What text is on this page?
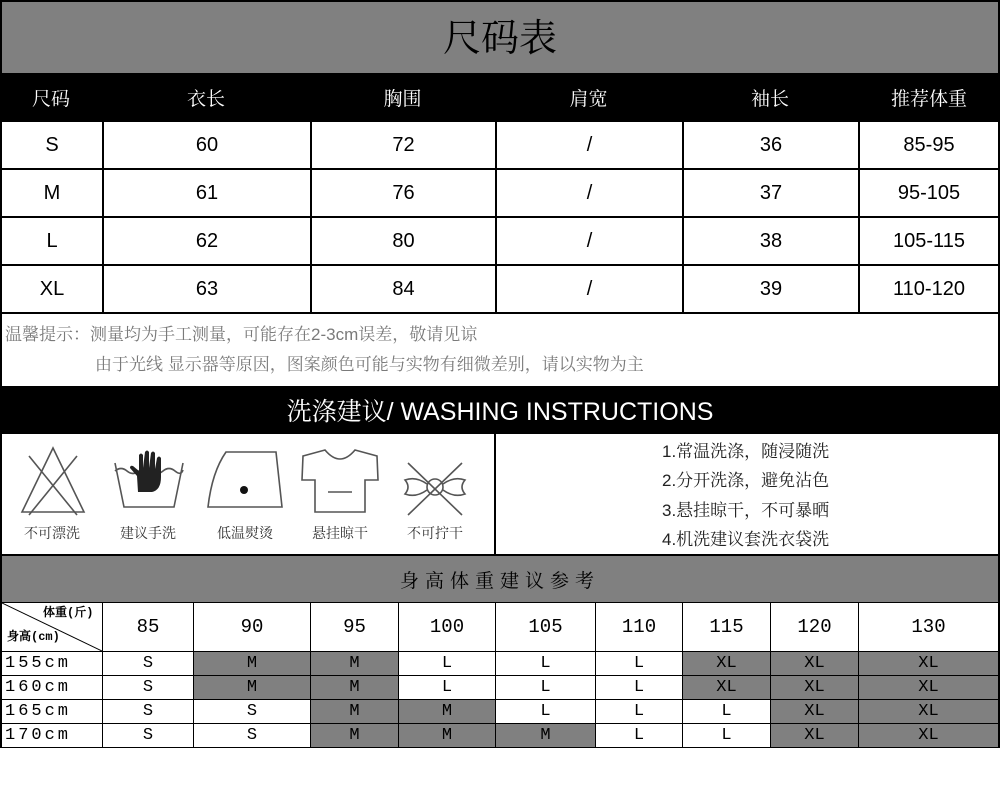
尺码表
尺码	衣长	胸围	肩宽	袖长	推荐体重
S	60	72	/	36	85-95
M	61	76	/	37	95-105
L	62	80	/	38	105-115
XL	63	84	/	39	110-120
温馨提示：测量均为手工测量，可能存在2-3cm误差，敬请见谅
由于光线 显示器等原因，图案颜色可能与实物有细微差别，请以实物为主
洗涤建议/ WASHING INSTRUCTIONS
不可漂洗	建议手洗	低温熨烫	悬挂晾干	不可拧干
1.常温洗涤，随浸随洗
2.分开洗涤，避免沾色
3.悬挂晾干，不可暴晒
4.机洗建议套洗衣袋洗
身高体重建议参考
体重(斤)
身高(cm)	85	90	95	100	105	110	115	120	130
155cm	S	M	M	L	L	L	XL	XL	XL
160cm	S	M	M	L	L	L	XL	XL	XL
165cm	S	S	M	M	L	L	L	XL	XL
170cm	S	S	M	M	M	L	L	XL	XL
